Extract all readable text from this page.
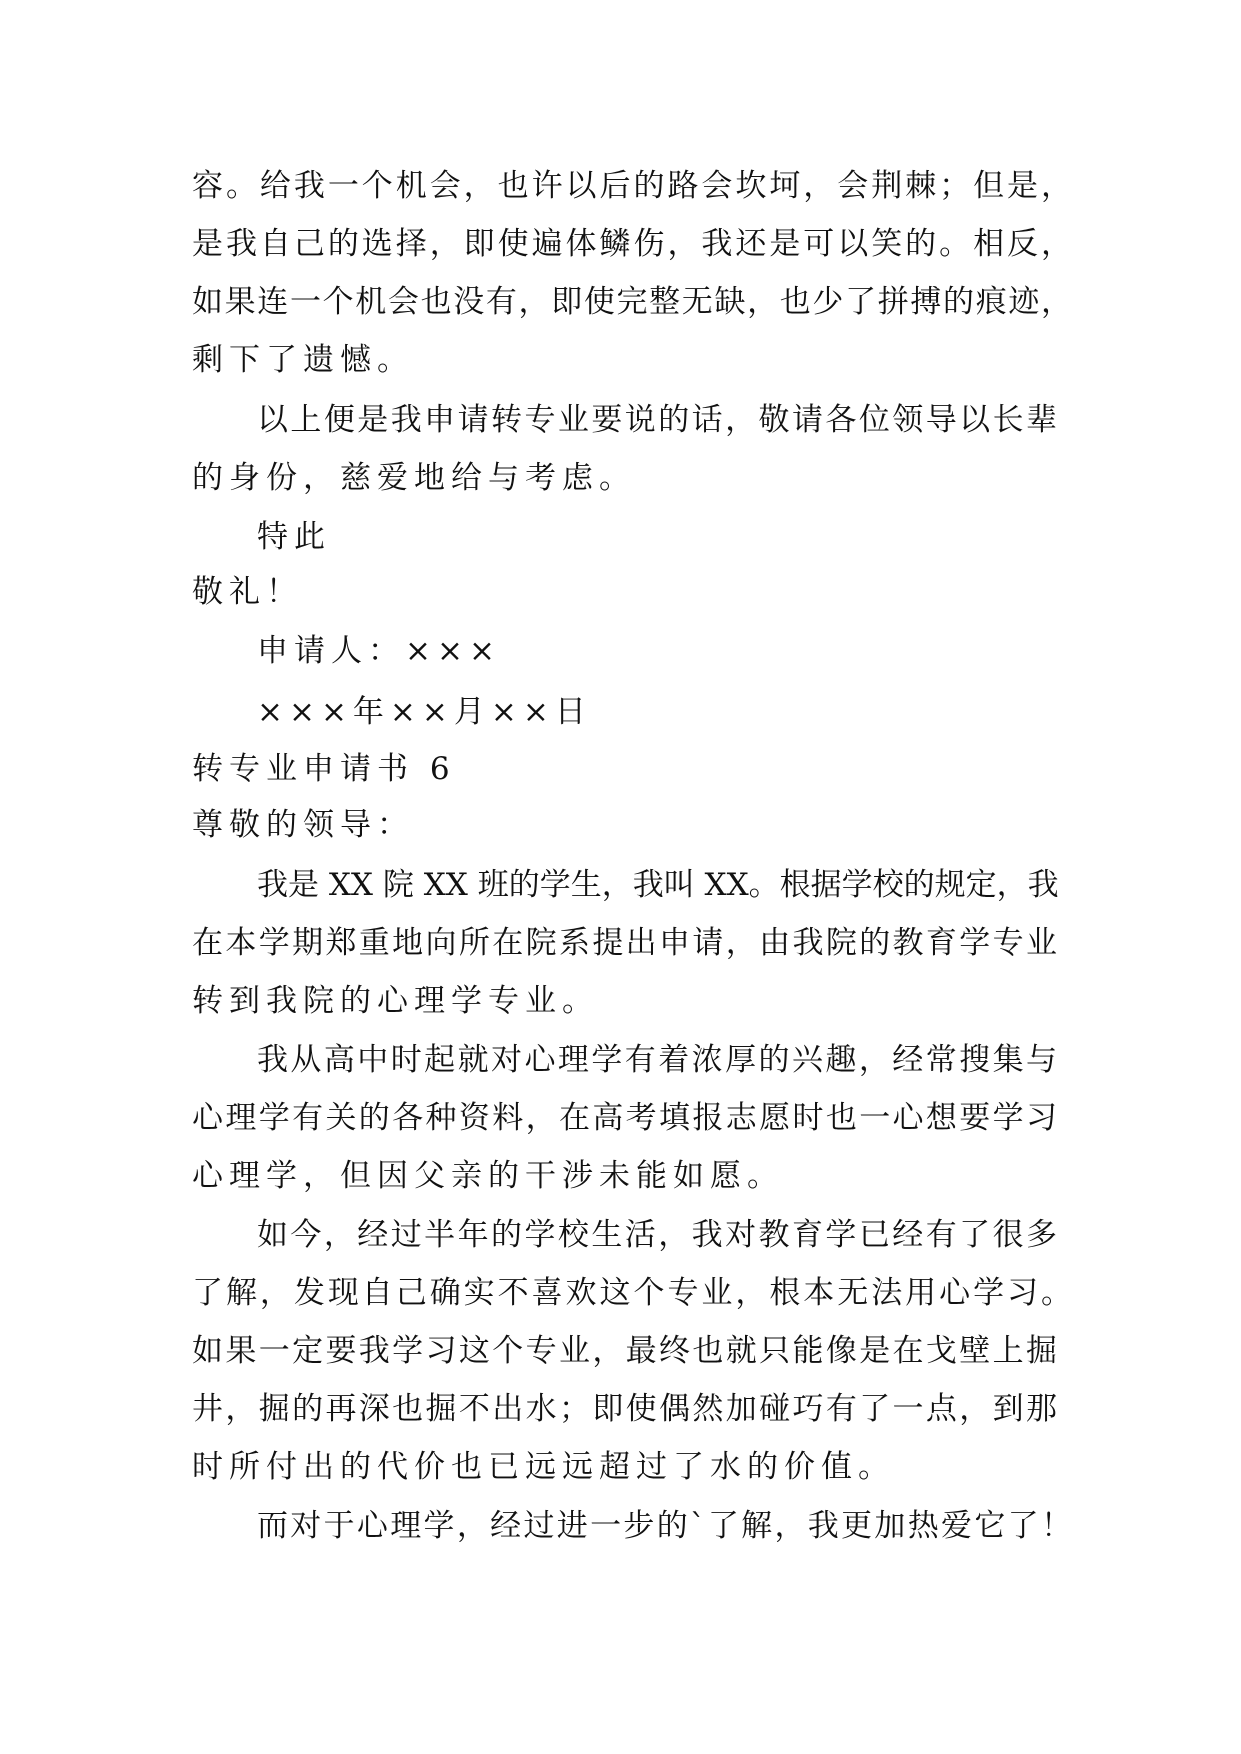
容。给我一个机会，也许以后的路会坎坷，会荆棘；但是，
是我自己的选择，即使遍体鳞伤，我还是可以笑的。相反，
如果连一个机会也没有，即使完整无缺，也少了拼搏的痕迹，
剩下了遗憾。
以上便是我申请转专业要说的话，敬请各位领导以长辈
的身份，慈爱地给与考虑。
特此
敬礼！
申请人：×××
×××年××月××日
转专业申请书 6
尊敬的领导：
我是 XX 院 XX 班的学生，我叫 XX。根据学校的规定，我
在本学期郑重地向所在院系提出申请，由我院的教育学专业
转到我院的心理学专业。
我从高中时起就对心理学有着浓厚的兴趣，经常搜集与
心理学有关的各种资料，在高考填报志愿时也一心想要学习
心理学，但因父亲的干涉未能如愿。
如今，经过半年的学校生活，我对教育学已经有了很多
了解，发现自己确实不喜欢这个专业，根本无法用心学习。
如果一定要我学习这个专业，最终也就只能像是在戈壁上掘
井，掘的再深也掘不出水；即使偶然加碰巧有了一点，到那
时所付出的代价也已远远超过了水的价值。
而对于心理学，经过进一步的`了解，我更加热爱它了！
